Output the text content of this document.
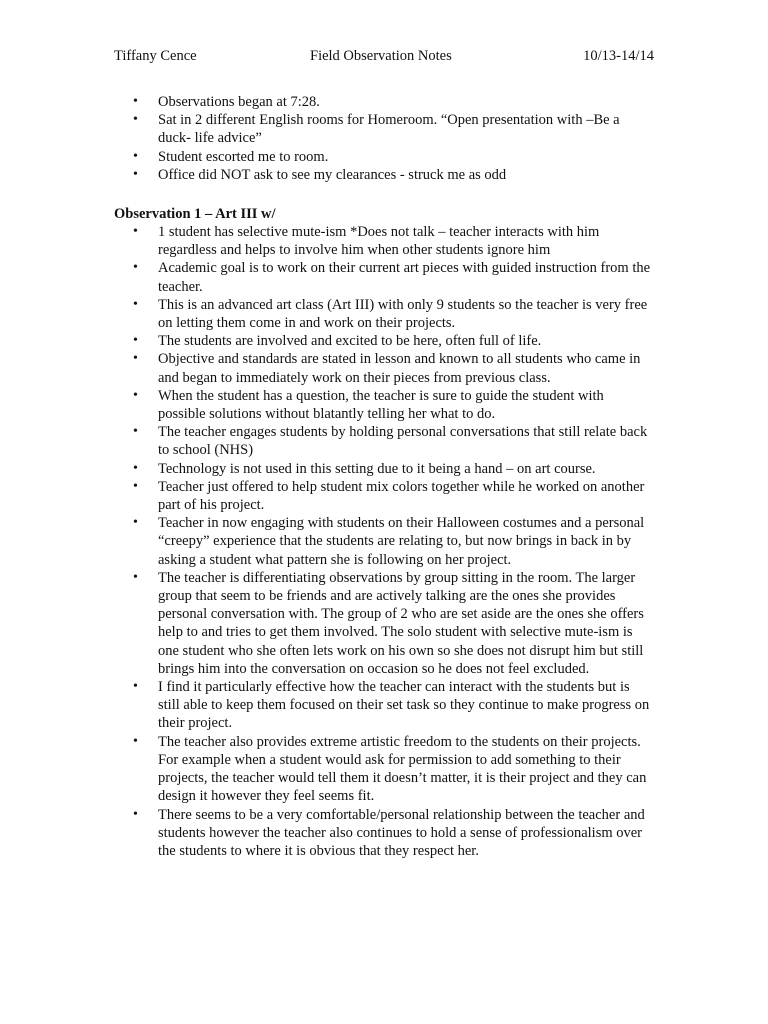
Tiffany Cence	Field Observation Notes	10/13-14/14
• Observations began at 7:28.
• Sat in 2 different English rooms for Homeroom. “Open presentation with –Be a duck- life advice”
• Student escorted me to room.
• Office did NOT ask to see my clearances - struck me as odd
Observation 1 – Art III w/
• 1 student has selective mute-ism *Does not talk – teacher interacts with him regardless and helps to involve him when other students ignore him
• Academic goal is to work on their current art pieces with guided instruction from the teacher.
• This is an advanced art class (Art III) with only 9 students so the teacher is very free on letting them come in and work on their projects.
• The students are involved and excited to be here, often full of life.
• Objective and standards are stated in lesson and known to all students who came in and began to immediately work on their pieces from previous class.
• When the student has a question, the teacher is sure to guide the student with possible solutions without blatantly telling her what to do.
• The teacher engages students by holding personal conversations that still relate back to school (NHS)
• Technology is not used in this setting due to it being a hand – on art course.
• Teacher just offered to help student mix colors together while he worked on another part of his project.
• Teacher in now engaging with students on their Halloween costumes and a personal “creepy” experience that the students are relating to, but now brings in back in by asking a student what pattern she is following on her project.
• The teacher is differentiating observations by group sitting in the room. The larger group that seem to be friends and are actively talking are the ones she provides personal conversation with. The group of 2 who are set aside are the ones she offers help to and tries to get them involved. The solo student with selective mute-ism is one student who she often lets work on his own so she does not disrupt him but still brings him into the conversation on occasion so he does not feel excluded.
• I find it particularly effective how the teacher can interact with the students but is still able to keep them focused on their set task so they continue to make progress on their project.
• The teacher also provides extreme artistic freedom to the students on their projects. For example when a student would ask for permission to add something to their projects, the teacher would tell them it doesn’t matter, it is their project and they can design it however they feel seems fit.
• There seems to be a very comfortable/personal relationship between the teacher and students however the teacher also continues to hold a sense of professionalism over the students to where it is obvious that they respect her.
